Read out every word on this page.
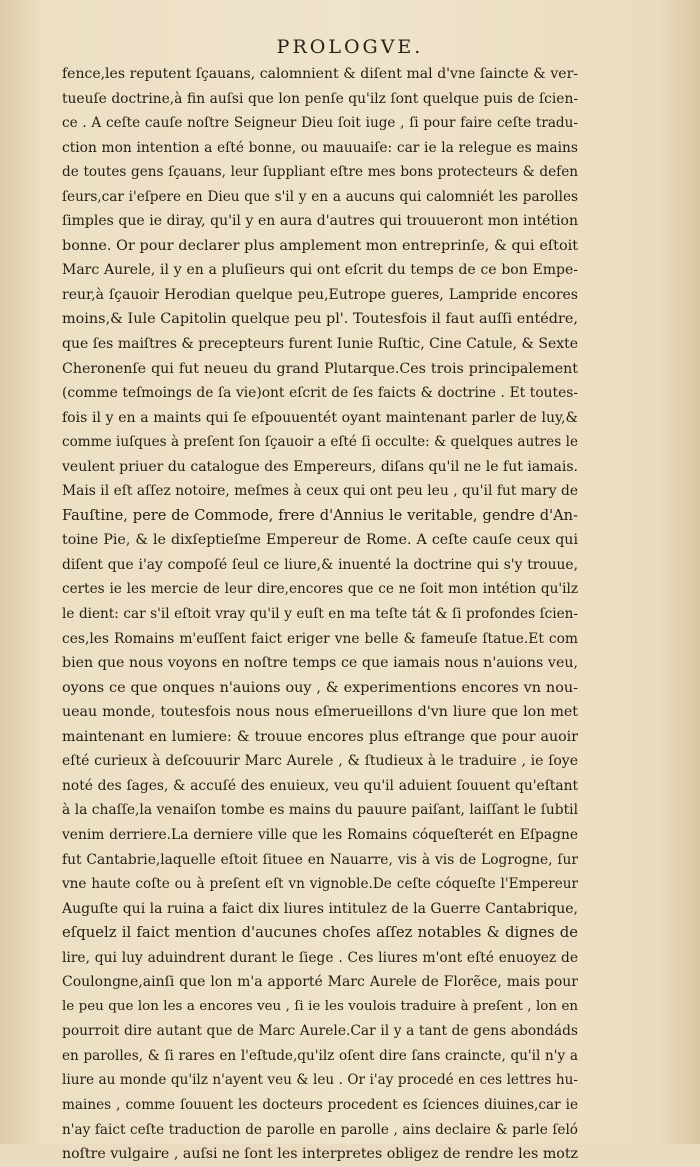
PROLOGVE.
fence,les reputent ſçauans, calomnient & diſent mal d'vne ſaincte & ver-
tueuſe doctrine,à fin auſsi que lon penſe qu'ilz ſont quelque puis de ſcien-
ce . A ceſte cauſe noſtre Seigneur Dieu ſoit iuge , ſi pour faire ceſte tradu-
ction mon intention a eſté bonne, ou mauuaiſe: car ie la relegue es mains
de toutes gens ſçauans, leur ſuppliant eſtre mes bons protecteurs & defen
ſeurs,car i'eſpere en Dieu que s'il y en a aucuns qui calomniét les parolles
ſimples que ie diray, qu'il y en aura d'autres qui trouueront mon intétion
bonne. Or pour declarer plus amplement mon entreprinſe, & qui eſtoit
Marc Aurele, il y en a pluſieurs qui ont eſcrit du temps de ce bon Empe-
reur,à ſçauoir Herodian quelque peu,Eutrope gueres, Lampride encores
moins,& Iule Capitolin quelque peu pl'. Toutesfois il faut auſſi entédre,
que ſes maiſtres & precepteurs furent Iunie Ruſtic, Cine Catule, & Sexte
Cheronenſe qui fut neueu du grand Plutarque.Ces trois principalement
(comme teſmoings de ſa vie)ont eſcrit de ſes faicts & doctrine . Et toutes-
fois il y en a maints qui ſe eſpouuentét oyant maintenant parler de luy,&
comme iuſques à preſent ſon ſçauoir a eſté ſi occulte: & quelques autres le
veulent priuer du catalogue des Empereurs, diſans qu'il ne le fut iamais.
Mais il eſt aſſez notoire, meſmes à ceux qui ont peu leu , qu'il fut mary de
Fauſtine, pere de Commode, frere d'Annius le veritable, gendre d'An-
toine Pie, & le dixſeptieſme Empereur de Rome. A ceſte cauſe ceux qui
diſent que i'ay compoſé ſeul ce liure,& inuenté la doctrine qui s'y trouue,
certes ie les mercie de leur dire,encores que ce ne ſoit mon intétion qu'ilz
le dient: car s'il eſtoit vray qu'il y euſt en ma teſte tát & ſi profondes ſcien-
ces,les Romains m'euſſent faict eriger vne belle & fameuſe ſtatue.Et com
bien que nous voyons en noſtre temps ce que iamais nous n'auions veu,
oyons ce que onques n'auions ouy , & experimentions encores vn nou-
ueau monde, toutesfois nous nous eſmerueillons d'vn liure que lon met
maintenant en lumiere: & trouue encores plus eſtrange que pour auoir
eſté curieux à deſcouurir Marc Aurele , & ſtudieux à le traduire , ie ſoye
noté des ſages, & accuſé des enuieux, veu qu'il aduient ſouuent qu'eſtant
à la chaſſe,la venaiſon tombe es mains du pauure paiſant, laiſſant le ſubtil
venim derriere.La derniere ville que les Romains cóqueſterét en Eſpagne
fut Cantabrie,laquelle eſtoit ſituee en Nauarre, vis à vis de Logrogne, ſur
vne haute coſte ou à preſent eſt vn vignoble.De ceſte cóqueſte l'Empereur
Auguſte qui la ruina a faict dix liures intitulez de la Guerre Cantabrique,
eſquelz il faict mention d'aucunes choſes aſſez notables & dignes de
lire, qui luy aduindrent durant le ſiege . Ces liures m'ont eſté enuoyez de
Coulongne,ainſi que lon m'a apporté Marc Aurele de Florẽce, mais pour
le peu que lon les a encores veu , ſi ie les voulois traduire à preſent , lon en
pourroit dire autant que de Marc Aurele.Car il y a tant de gens abondáds
en parolles, & ſi rares en l'eſtude,qu'ilz oſent dire ſans craincte, qu'il n'y a
liure au monde qu'ilz n'ayent veu & leu . Or i'ay procedé en ces lettres hu-
maines , comme ſouuent les docteurs procedent es ſciences diuines,car ie
n'ay faict ceſte traduction de parolle en parolle , ains declaire & parle ſeló
noſtre vulgaire , auſsi ne ſont les interpretes obligez de rendre les motz
